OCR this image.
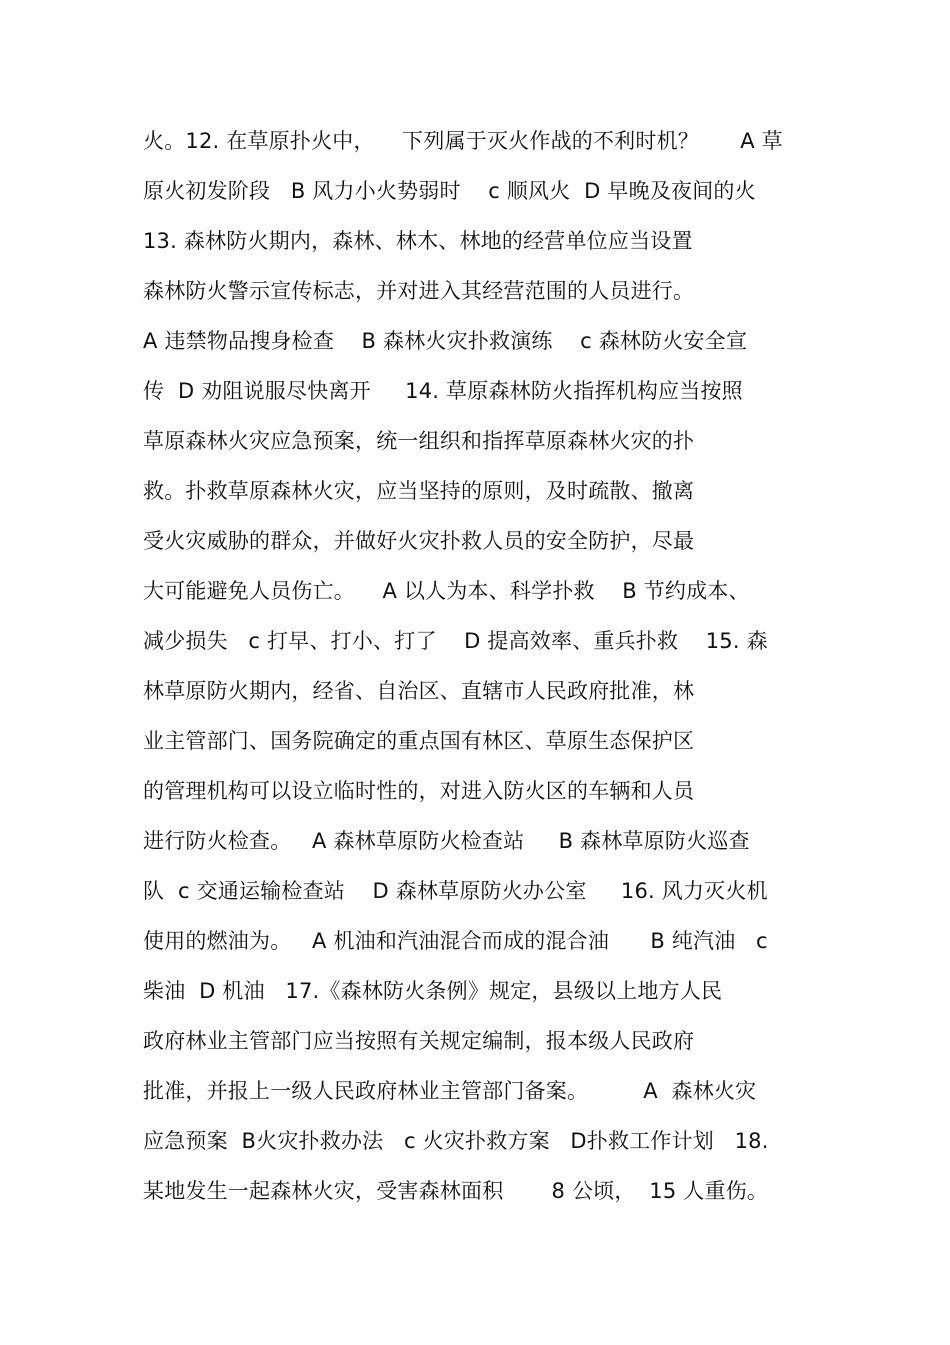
火。12. 在草原扑火中，    下列属于灭火作战的不利时机？      A 草
原火初发阶段   B 风力小火势弱时    c 顺风火  D 早晚及夜间的火
13. 森林防火期内，森林、林木、林地的经营单位应当设置
森林防火警示宣传标志，并对进入其经营范围的人员进行。
A 违禁物品搜身检查    B 森林火灾扑救演练    c 森林防火安全宣
传  D 劝阻说服尽快离开     14. 草原森林防火指挥机构应当按照
草原森林火灾应急预案，统一组织和指挥草原森林火灾的扑
救。扑救草原森林火灾，应当坚持的原则，及时疏散、撤离
受火灾威胁的群众，并做好火灾扑救人员的安全防护，尽最
大可能避免人员伤亡。    A 以人为本、科学扑救    B 节约成本、
减少损失   c 打早、打小、打了    D 提高效率、重兵扑救    15. 森
林草原防火期内，经省、自治区、直辖市人民政府批准，林
业主管部门、国务院确定的重点国有林区、草原生态保护区
的管理机构可以设立临时性的，对进入防火区的车辆和人员
进行防火检查。   A 森林草原防火检查站     B 森林草原防火巡查
队  c 交通运输检查站    D 森林草原防火办公室     16. 风力灭火机
使用的燃油为。   A 机油和汽油混合而成的混合油      B 纯汽油   c
柴油  D 机油   17.《森林防火条例》规定，县级以上地方人民
政府林业主管部门应当按照有关规定编制，报本级人民政府
批准，并报上一级人民政府林业主管部门备案。        A  森林火灾
应急预案  B火灾扑救办法   c 火灾扑救方案   D扑救工作计划   18.
某地发生一起森林火灾，受害森林面积       8 公顷，  15 人重伤。
